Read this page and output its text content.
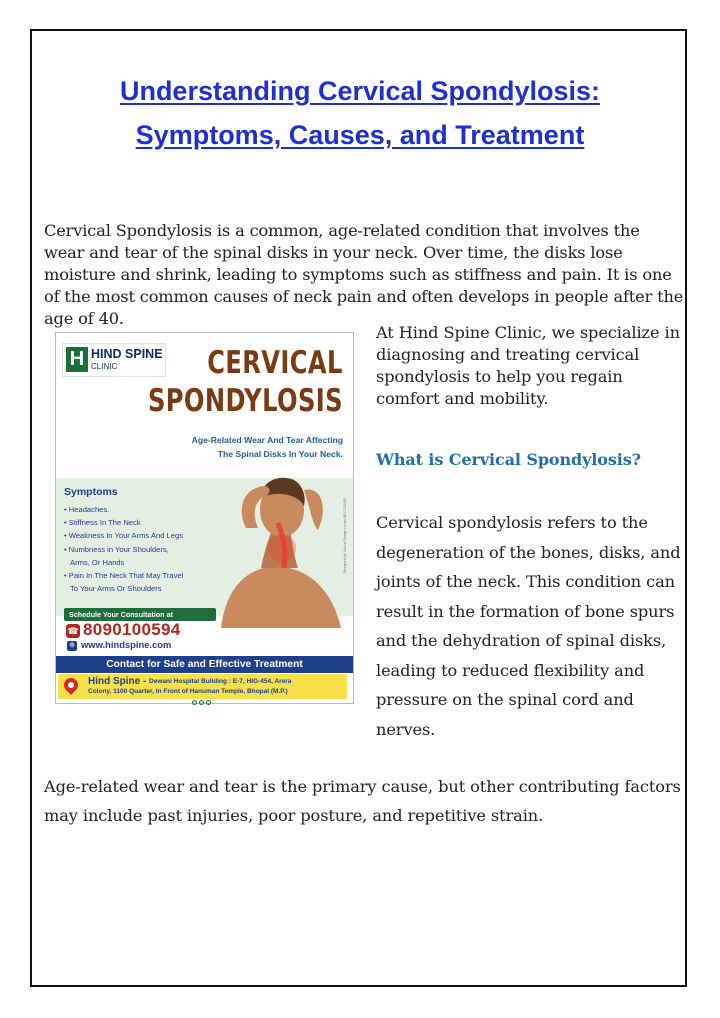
Understanding Cervical Spondylosis:
Symptoms, Causes, and Treatment

Cervical Spondylosis is a common, age-related condition that involves the wear and tear of the spinal disks in your neck. Over time, the disks lose moisture and shrink, leading to symptoms such as stiffness and pain. It is one of the most common causes of neck pain and often develops in people after the age of 40.

H HIND SPINE
CLINIC	CERVICAL
SPONDYLOSIS
Age-Related Wear And Tear Affecting
The Spinal Disks In Your Neck.
Symptoms
• Headaches.
• Stiffness In The Neck
• Weakness In Your Arms And Legs
• Numbness in Your Shoulders,
Arms, Or Hands
• Pain In The Neck That May Travel
To Your Arms Or Shoulders
Designed by: Nexus Design House 8817123456
Schedule Your Consultation at
☎ 8090100594
⊕ www.hindspine.com
Contact for Safe and Effective Treatment
Hind Spine - Dewani Hospital Building : E-7, HIG-454, Arera
Colony, 1100 Quarter, In Front of Hanuman Temple, Bhopal (M.P.)

At Hind Spine Clinic, we specialize in diagnosing and treating cervical spondylosis to help you regain comfort and mobility.

What is Cervical Spondylosis?

Cervical spondylosis refers to the degeneration of the bones, disks, and joints of the neck. This condition can result in the formation of bone spurs and the dehydration of spinal disks, leading to reduced flexibility and pressure on the spinal cord and nerves.

Age-related wear and tear is the primary cause, but other contributing factors may include past injuries, poor posture, and repetitive strain.
